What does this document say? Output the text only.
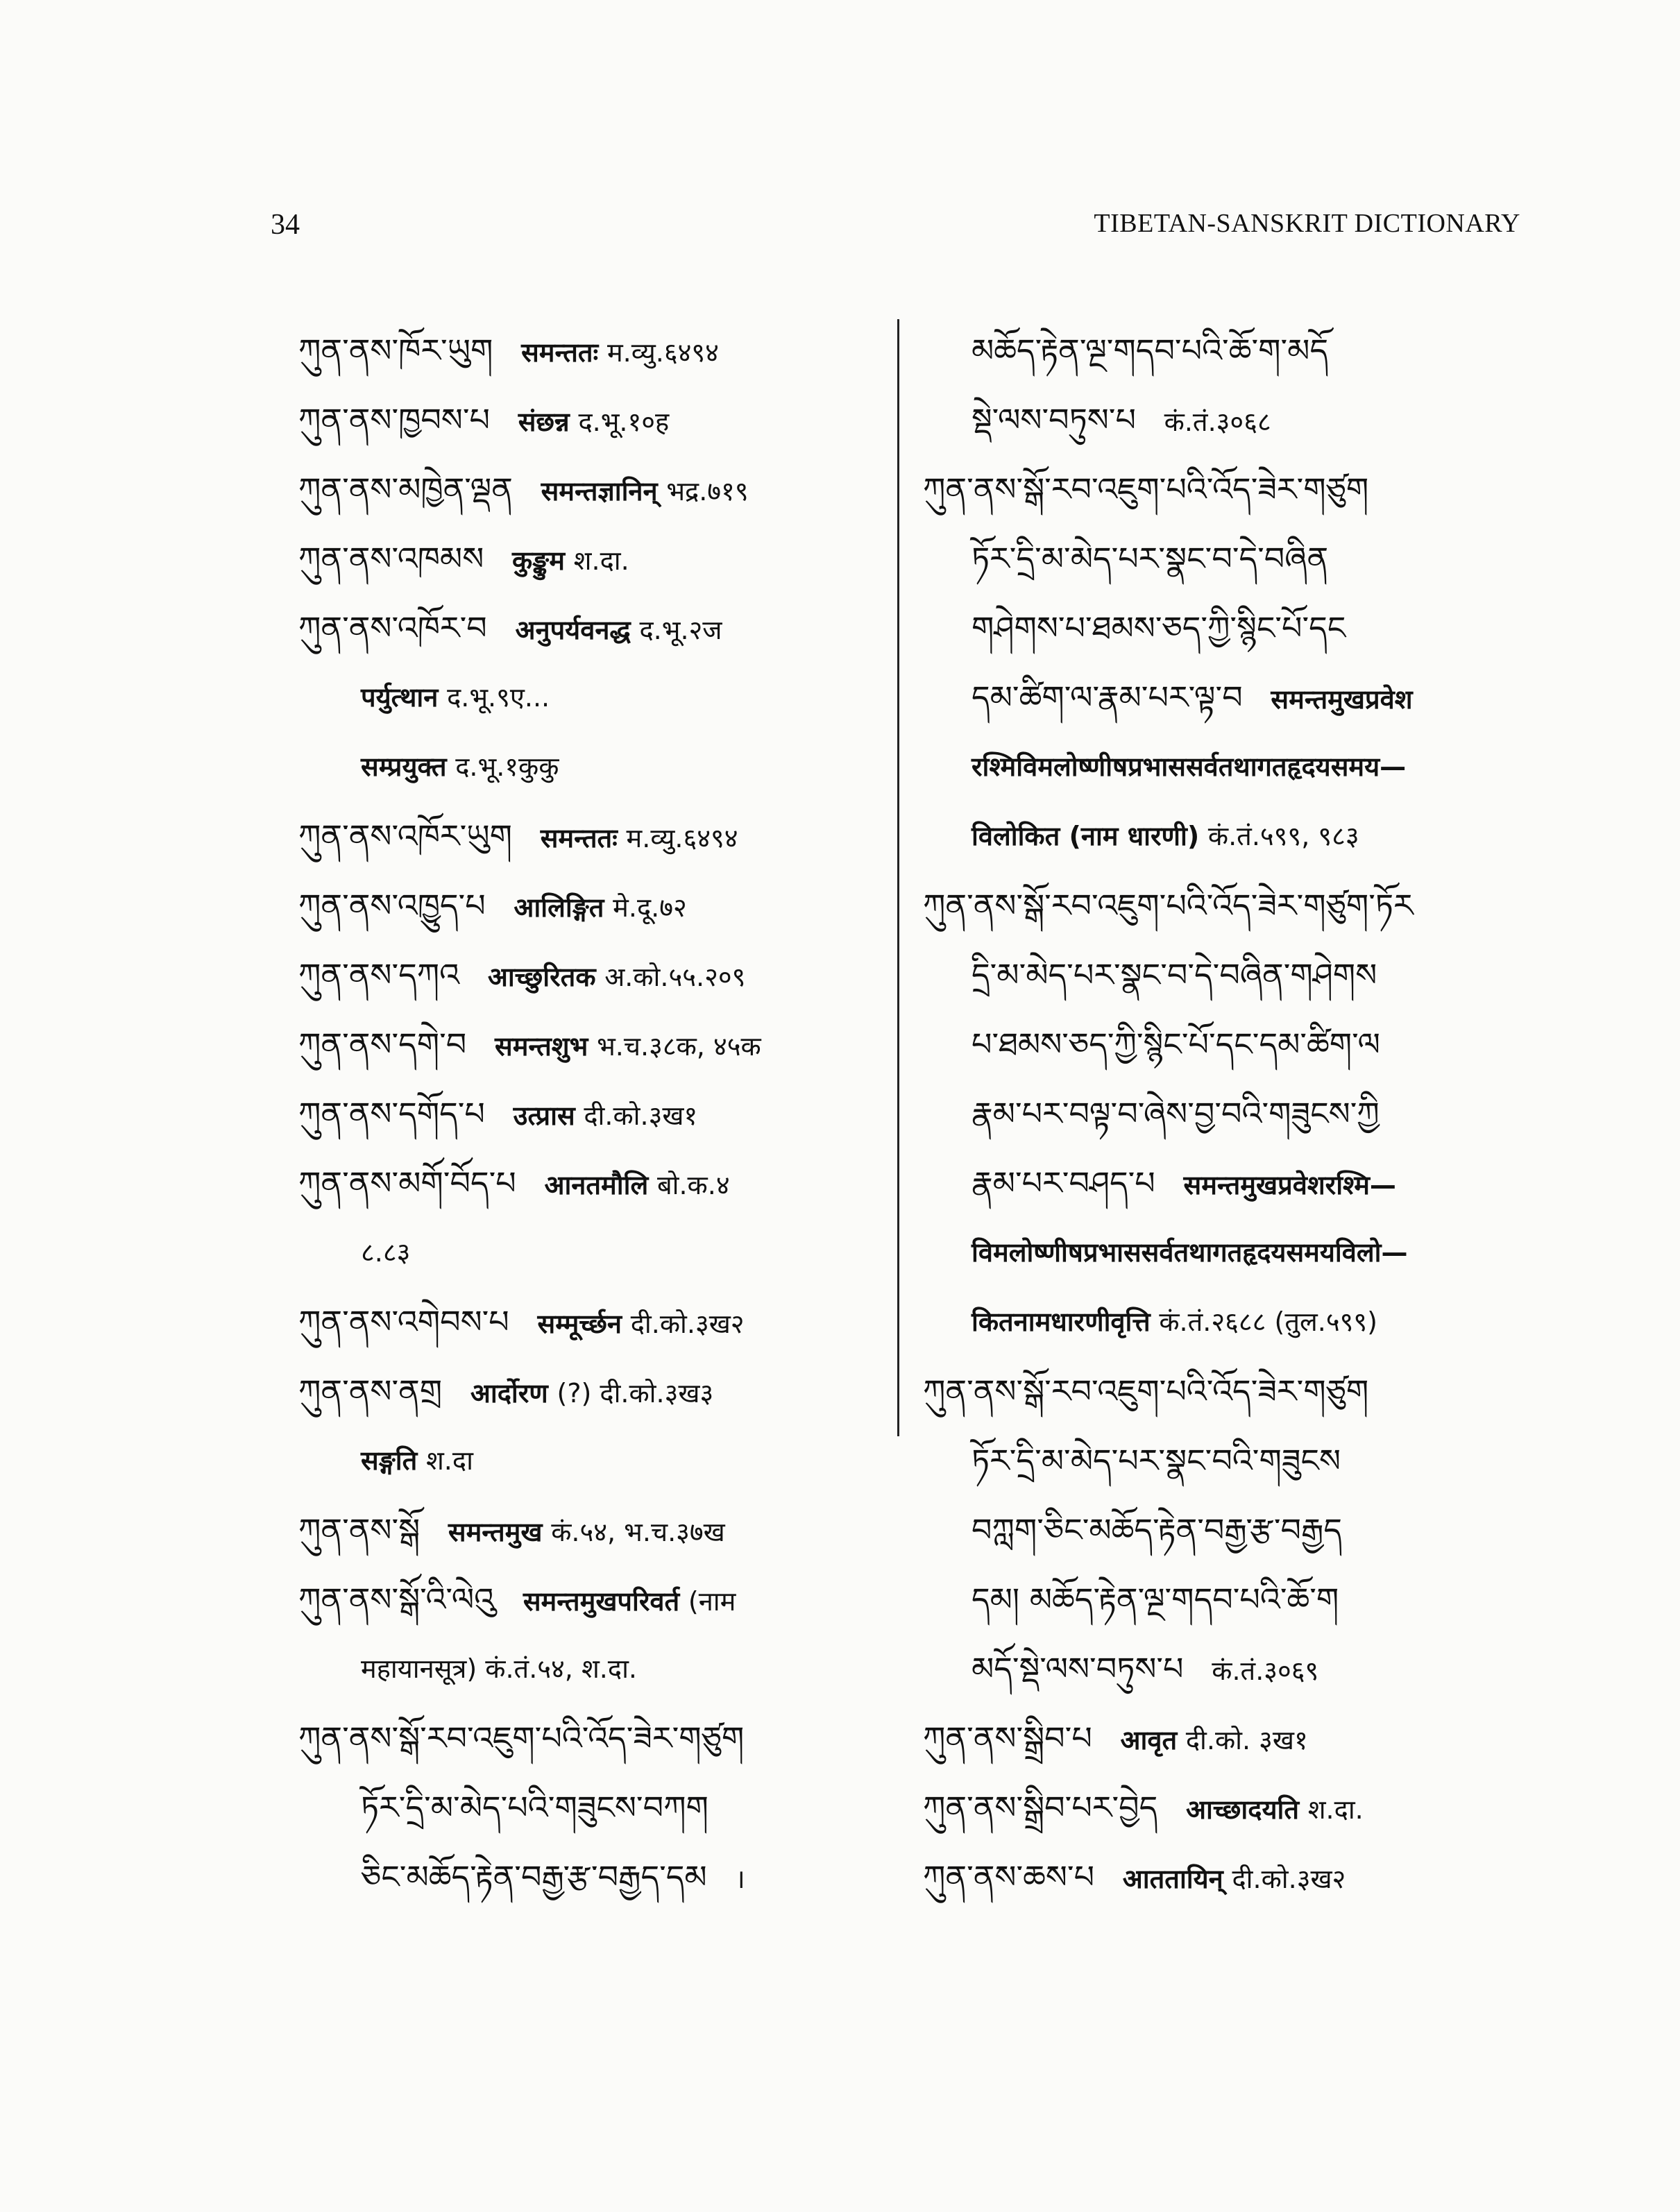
34	TIBETAN-SANSKRIT DICTIONARY
ཀུན་ནས་ཁོར་ཡུག समन्ततः म.व्यु.६४९४
ཀུན་ནས་ཁྱབས་པ संछन्न द.भू.१०ह
ཀུན་ནས་མཁྱེན་ལྡན समन्तज्ञानिन् भद्र.७१९
ཀུན་ནས་འཁམས कुङ्कुम श.दा.
ཀུན་ནས་འཁོར་བ अनुपर्यवनद्ध द.भू.२ज
पर्युत्थान द.भू.९ए...
सम्प्रयुक्त द.भू.१कुकु
ཀུན་ནས་འཁོར་ཡུག समन्ततः म.व्यु.६४९४
ཀུན་ནས་འཁྱུད་པ आलिङ्गित मे.दू.७२
ཀུན་ནས་དཀའ आच्छुरितक अ.को.५५.२०९
ཀུན་ནས་དགེ་བ समन्तशुभ भ.च.३८क, ४५क
ཀུན་ནས་དགོད་པ उत्प्रास दी.को.३ख१
ཀུན་ནས་མགོ་བོད་པ आनतमौलि बो.क.४
८.८३
ཀུན་ནས་འགེབས་པ सम्मूर्च्छन दी.को.३ख२
ཀུན་ནས་ནགྲ आर्दोरण (?) दी.को.३ख३
सङ्गति श.दा
ཀུན་ནས་སྒོ समन्तमुख कं.५४, भ.च.३७ख
ཀུན་ནས་སྒོ་འི་ལེའུ समन्तमुखपरिवर्त (नाम
महायानसूत्र) कं.तं.५४, श.दा.
ཀུན་ནས་སྒོ་རབ་འཇུག་པའི་འོད་ཟེར་གཙུག
ཏོར་དྲི་མ་མེད་པའི་གཟུངས་བཀག
ཅིང་མཆོད་རྟེན་བརྒྱ་རྩ་བརྒྱད་དམ ।
མཆོད་རྟེན་ལྔ་གདབ་པའི་ཆོ་ག་མདོ
སྡེ་ལས་བཏུས་པ कं.तं.३०६८
ཀུན་ནས་སྒོ་རབ་འཇུག་པའི་འོད་ཟེར་གཙུག
ཏོར་དྲི་མ་མེད་པར་སྣང་བ་དེ་བཞིན
གཤེགས་པ་ཐམས་ཅད་ཀྱི་སྙིང་པོ་དང
དམ་ཚིག་ལ་རྣམ་པར་ལྟ་བ समन्तमुखप्रवेश
रश्मिविमलोष्णीषप्रभाससर्वतथागतहृदयसमय—
विलोकित (नाम धारणी) कं.तं.५९९, ९८३
ཀུན་ནས་སྒོ་རབ་འཇུག་པའི་འོད་ཟེར་གཙུག་ཏོར
དྲི་མ་མེད་པར་སྣང་བ་དེ་བཞིན་གཤེགས
པ་ཐམས་ཅད་ཀྱི་སྙིང་པོ་དང་དམ་ཚིག་ལ
རྣམ་པར་བལྟ་བ་ཞེས་བྱ་བའི་གཟུངས་ཀྱི
རྣམ་པར་བཤད་པ समन्तमुखप्रवेशरश्मि—
विमलोष्णीषप्रभाससर्वतथागतहृदयसमयविलो—
कितनामधारणीवृत्ति कं.तं.२६८८ (तुल.५९९)
ཀུན་ནས་སྒོ་རབ་འཇུག་པའི་འོད་ཟེར་གཙུག
ཏོར་དྲི་མ་མེད་པར་སྣང་བའི་གཟུངས
བཀླག་ཅིང་མཆོད་རྟེན་བརྒྱ་རྩ་བརྒྱད
དམ། མཆོད་རྟེན་ལྔ་གདབ་པའི་ཆོ་ག
མདོ་སྡེ་ལས་བཏུས་པ कं.तं.३०६९
ཀུན་ནས་སྒྲིབ་པ आवृत दी.को. ३ख१
ཀུན་ནས་སྒྲིབ་པར་བྱེད आच्छादयति श.दा.
ཀུན་ནས་ཆས་པ आततायिन् दी.को.३ख२
